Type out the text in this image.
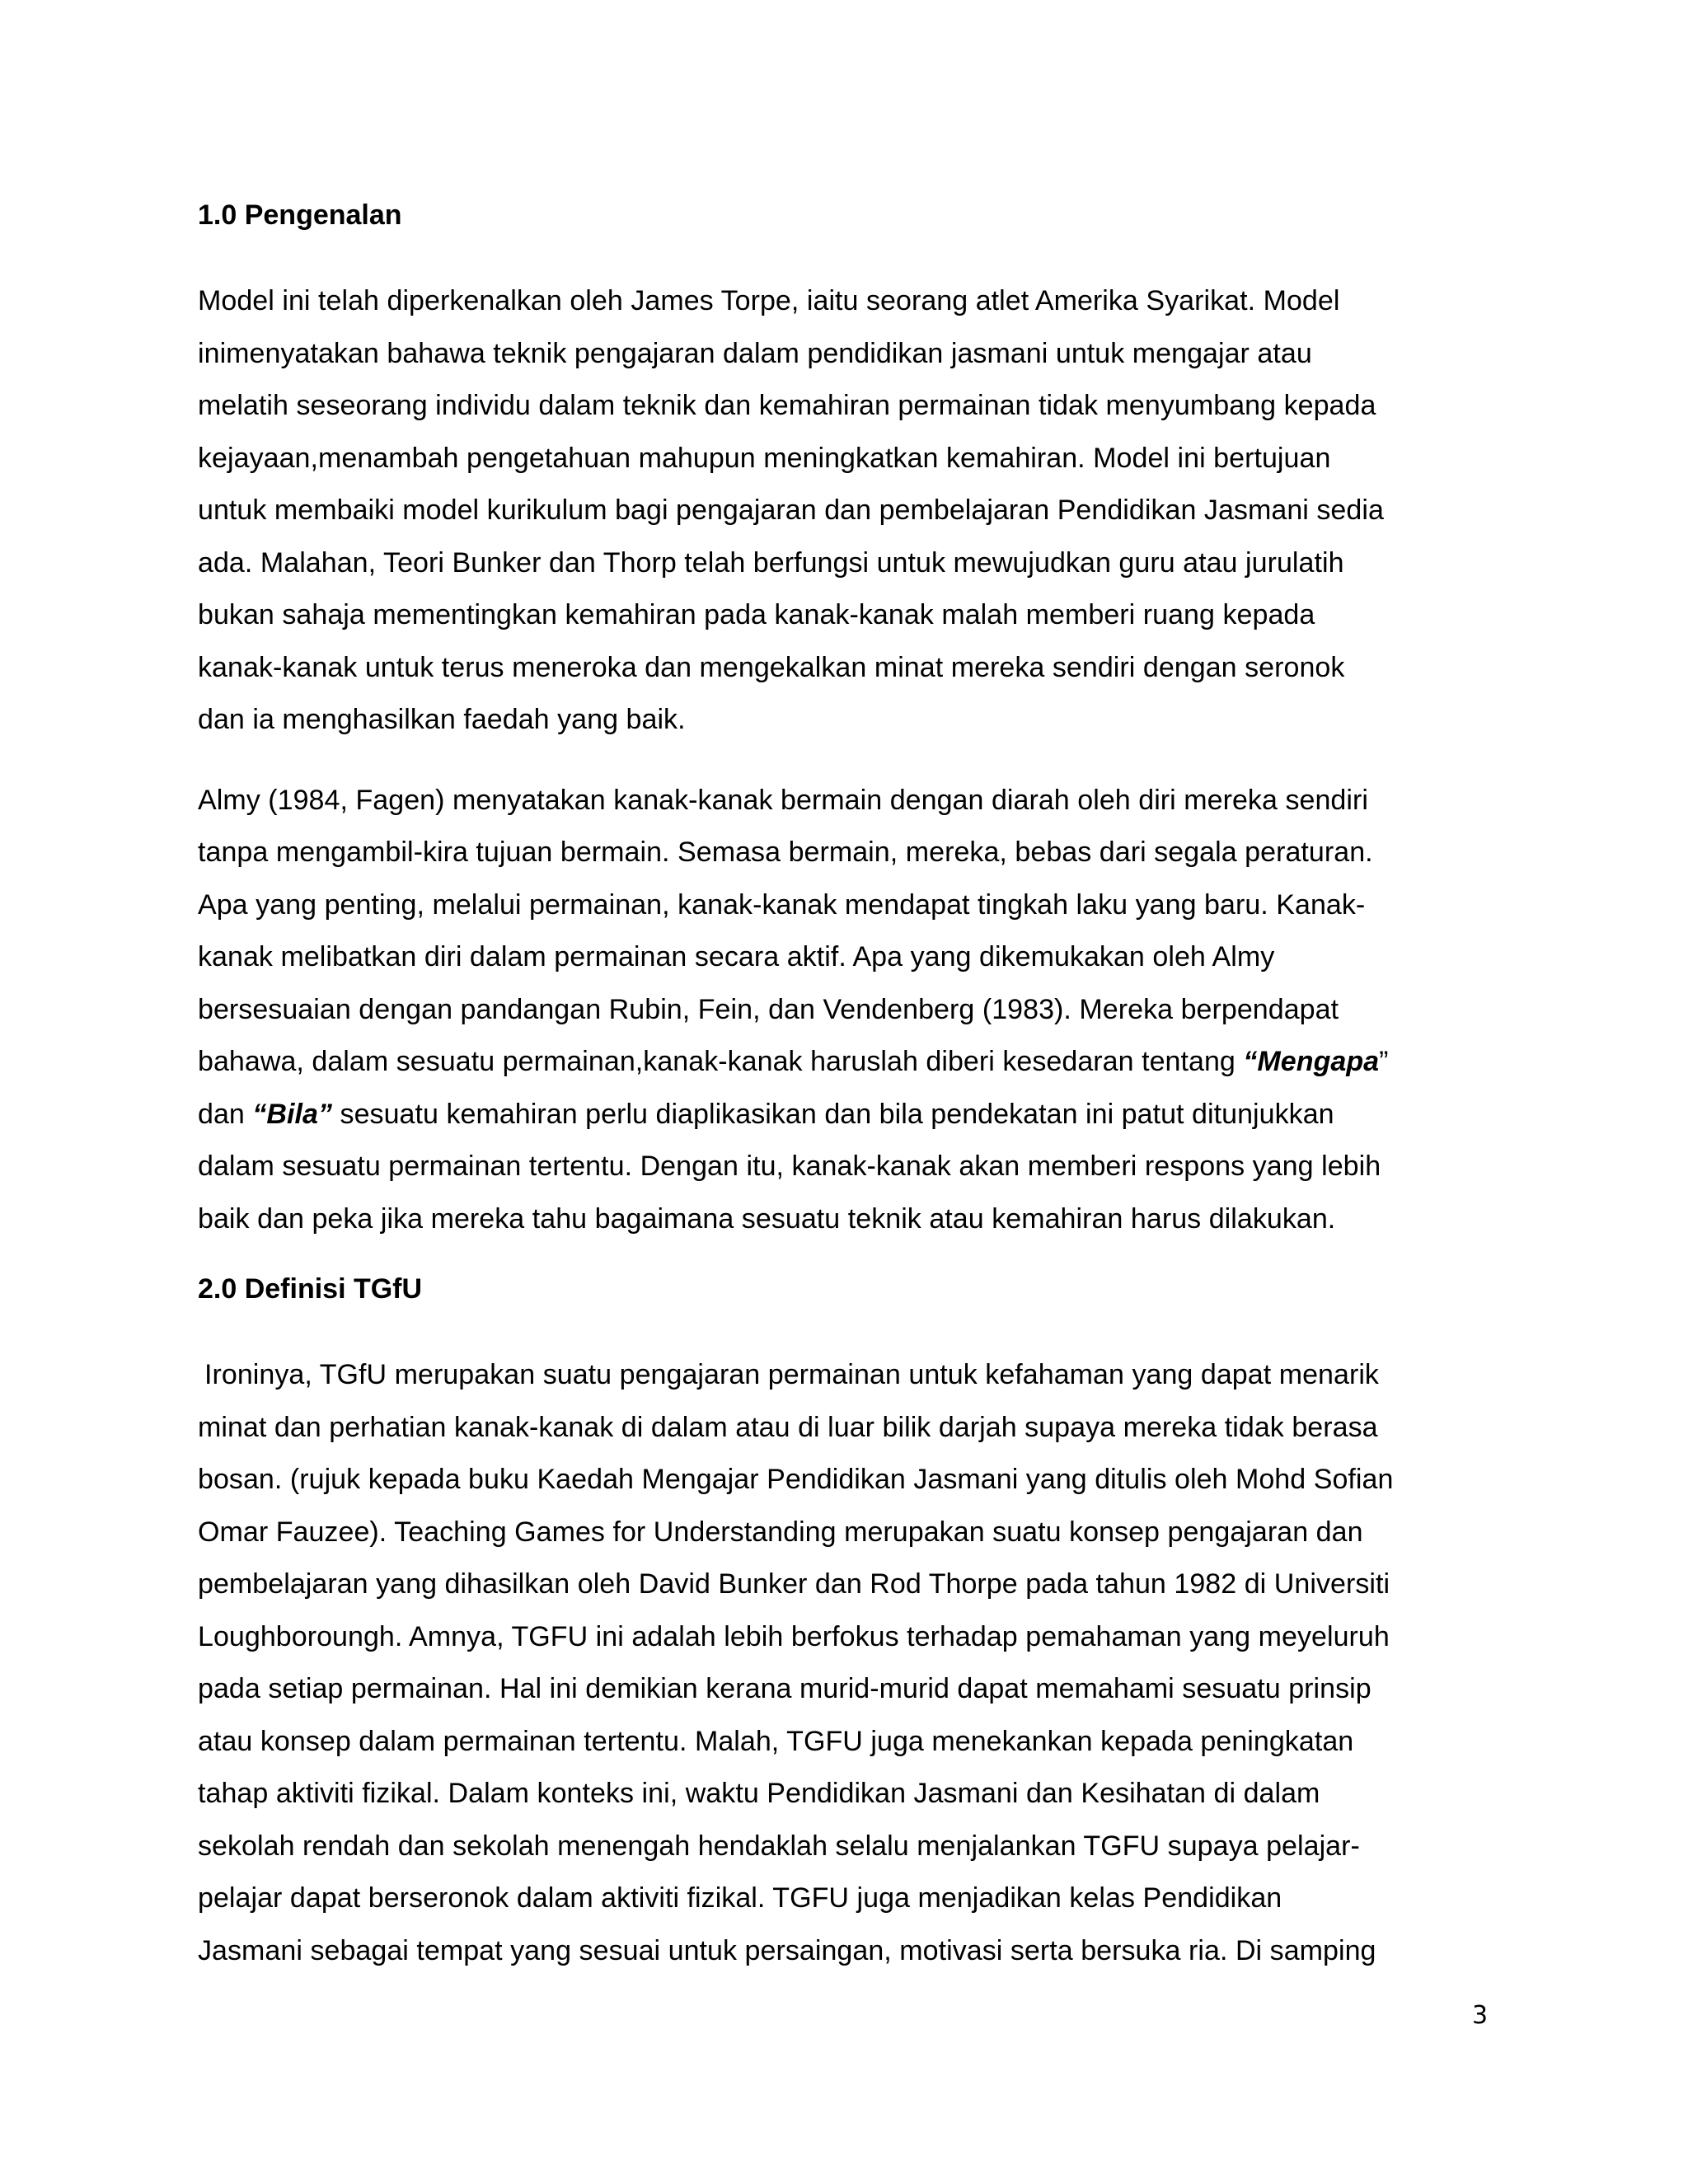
1.0 Pengenalan

Model ini telah diperkenalkan oleh James Torpe, iaitu seorang atlet Amerika Syarikat. Model
inimenyatakan bahawa teknik pengajaran dalam pendidikan jasmani untuk mengajar atau
melatih seseorang individu dalam teknik dan kemahiran permainan tidak menyumbang kepada
kejayaan,menambah pengetahuan mahupun meningkatkan kemahiran. Model ini bertujuan
untuk membaiki model kurikulum bagi pengajaran dan pembelajaran Pendidikan Jasmani sedia
ada. Malahan, Teori Bunker dan Thorp telah berfungsi untuk mewujudkan guru atau jurulatih
bukan sahaja mementingkan kemahiran pada kanak-kanak malah memberi ruang kepada
kanak-kanak untuk terus meneroka dan mengekalkan minat mereka sendiri dengan seronok
dan ia menghasilkan faedah yang baik.

Almy (1984, Fagen) menyatakan kanak-kanak bermain dengan diarah oleh diri mereka sendiri
tanpa mengambil-kira tujuan bermain. Semasa bermain, mereka, bebas dari segala peraturan.
Apa yang penting, melalui permainan, kanak-kanak mendapat tingkah laku yang baru. Kanak-
kanak melibatkan diri dalam permainan secara aktif. Apa yang dikemukakan oleh Almy
bersesuaian dengan pandangan Rubin, Fein, dan Vendenberg (1983). Mereka berpendapat
bahawa, dalam sesuatu permainan,kanak-kanak haruslah diberi kesedaran tentang “Mengapa”
dan “Bila” sesuatu kemahiran perlu diaplikasikan dan bila pendekatan ini patut ditunjukkan
dalam sesuatu permainan tertentu. Dengan itu, kanak-kanak akan memberi respons yang lebih
baik dan peka jika mereka tahu bagaimana sesuatu teknik atau kemahiran harus dilakukan.

2.0 Definisi TGfU

Ironinya, TGfU merupakan suatu pengajaran permainan untuk kefahaman yang dapat menarik
minat dan perhatian kanak-kanak di dalam atau di luar bilik darjah supaya mereka tidak berasa
bosan. (rujuk kepada buku Kaedah Mengajar Pendidikan Jasmani yang ditulis oleh Mohd Sofian
Omar Fauzee). Teaching Games for Understanding merupakan suatu konsep pengajaran dan
pembelajaran yang dihasilkan oleh David Bunker dan Rod Thorpe pada tahun 1982 di Universiti
Loughboroungh. Amnya, TGFU ini adalah lebih berfokus terhadap pemahaman yang meyeluruh
pada setiap permainan. Hal ini demikian kerana murid-murid dapat memahami sesuatu prinsip
atau konsep dalam permainan tertentu. Malah, TGFU juga menekankan kepada peningkatan
tahap aktiviti fizikal. Dalam konteks ini, waktu Pendidikan Jasmani dan Kesihatan di dalam
sekolah rendah dan sekolah menengah hendaklah selalu menjalankan TGFU supaya pelajar-
pelajar dapat berseronok dalam aktiviti fizikal. TGFU juga menjadikan kelas Pendidikan
Jasmani sebagai tempat yang sesuai untuk persaingan, motivasi serta bersuka ria. Di samping

3
